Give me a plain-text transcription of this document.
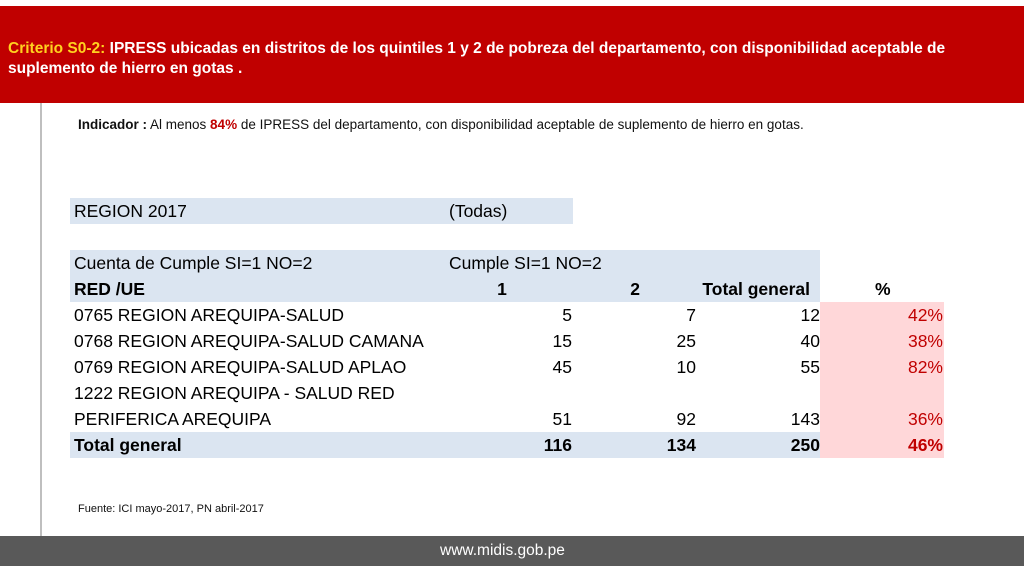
Criterio S0-2: IPRESS ubicadas en distritos de los quintiles 1 y 2 de pobreza del departamento, con disponibilidad aceptable de suplemento de hierro en gotas .
Indicador : Al menos 84% de IPRESS del departamento, con disponibilidad aceptable de suplemento de hierro en gotas.
REGION 2017	(Todas)
Cuenta de Cumple SI=1 NO=2	Cumple SI=1 NO=2
RED /UE	1	2	Total general	%
0765 REGION AREQUIPA-SALUD	5	7	12	42%
0768 REGION AREQUIPA-SALUD CAMANA	15	25	40	38%
0769 REGION AREQUIPA-SALUD APLAO	45	10	55	82%
1222 REGION AREQUIPA - SALUD RED
PERIFERICA AREQUIPA	51	92	143	36%
Total general	116	134	250	46%
Fuente: ICI mayo-2017, PN abril-2017
www.midis.gob.pe
